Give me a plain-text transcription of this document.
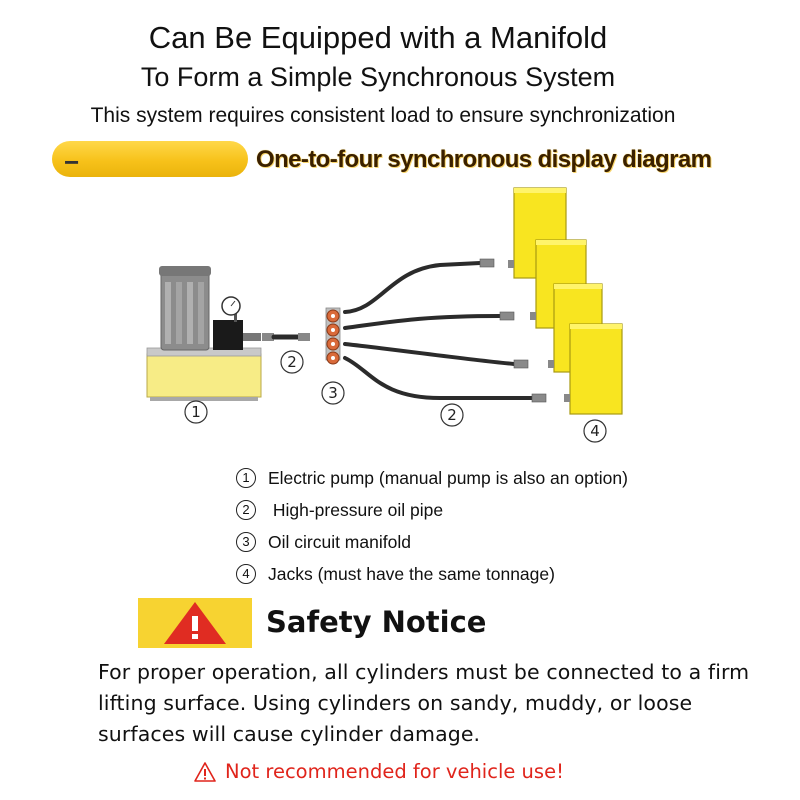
Can Be Equipped with a Manifold
To Form a Simple Synchronous System
This system requires consistent load to ensure synchronization
−	One-to-four synchronous display diagram
1
2
3
2
4
1	Electric pump (manual pump is also an option)
2	High-pressure oil pipe
3	Oil circuit manifold
4	Jacks (must have the same tonnage)
Safety Notice
For proper operation, all cylinders must be connected to a firm lifting surface. Using cylinders on sandy, muddy, or loose surfaces will cause cylinder damage.
Not recommended for vehicle use!
